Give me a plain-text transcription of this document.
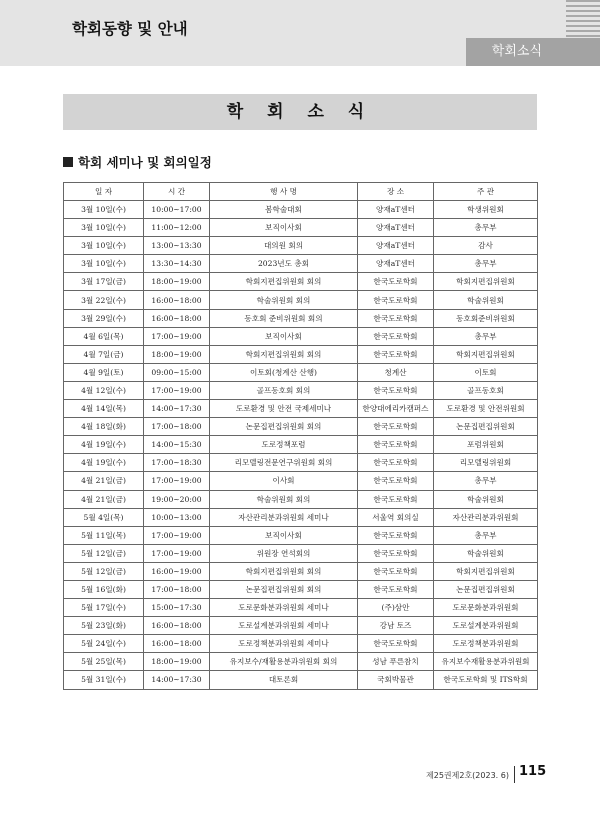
학회동향 및 안내
학회소식
학 회 소 식
학회 세미나 및 회의일정
일 자	시 간	행 사 명	장 소	주 관
3월 10일(수)	10:00~17:00	봄학술대회	양재aT센터	학생위원회
3월 10일(수)	11:00~12:00	보직이사회	양재aT센터	총무부
3월 10일(수)	13:00~13:30	대의원 회의	양재aT센터	감사
3월 10일(수)	13:30~14:30	2023년도 총회	양재aT센터	총무부
3월 17일(금)	18:00~19:00	학회지편집위원회 회의	한국도로학회	학회지편집위원회
3월 22일(수)	16:00~18:00	학술위원회 회의	한국도로학회	학술위원회
3월 29일(수)	16:00~18:00	동호회 준비위원회 회의	한국도로학회	동호회준비위원회
4월 6일(목)	17:00~19:00	보직이사회	한국도로학회	총무부
4월 7일(금)	18:00~19:00	학회지편집위원회 회의	한국도로학회	학회지편집위원회
4월 9일(토)	09:00~15:00	이토회(청계산 산행)	청계산	이토회
4월 12일(수)	17:00~19:00	골프동호회 회의	한국도로학회	골프동호회
4월 14일(목)	14:00~17:30	도로환경 및 안전 국제세미나	한양대에리카캠퍼스	도로환경 및 안전위원회
4월 18일(화)	17:00~18:00	논문집편집위원회 회의	한국도로학회	논문집편집위원회
4월 19일(수)	14:00~15:30	도로정책포럼	한국도로학회	포럼위원회
4월 19일(수)	17:00~18:30	리모델링전문연구위원회 회의	한국도로학회	리모델링위원회
4월 21일(금)	17:00~19:00	이사회	한국도로학회	총무부
4월 21일(금)	19:00~20:00	학술위원회 회의	한국도로학회	학술위원회
5월 4일(목)	10:00~13:00	자산관리분과위원회 세미나	서울역 회의실	자산관리분과위원회
5월 11일(목)	17:00~19:00	보직이사회	한국도로학회	총무부
5월 12일(금)	17:00~19:00	위원장 연석회의	한국도로학회	학술위원회
5월 12일(금)	16:00~19:00	학회지편집위원회 회의	한국도로학회	학회지편집위원회
5월 16일(화)	17:00~18:00	논문집편집위원회 회의	한국도로학회	논문집편집위원회
5월 17일(수)	15:00~17:30	도로문화분과위원회 세미나	(주)삼안	도로문화분과위원회
5월 23일(화)	16:00~18:00	도로설계분과위원회 세미나	강남 토즈	도로설계분과위원회
5월 24일(수)	16:00~18:00	도로정책분과위원회 세미나	한국도로학회	도로정책분과위원회
5월 25일(목)	18:00~19:00	유지보수/재활용분과위원회 회의	성남 푸른참치	유지보수재활용분과위원회
5월 31일(수)	14:00~17:30	대토론회	국회박물관	한국도로학회 및 ITS학회
제25권제2호(2023. 6) 115
